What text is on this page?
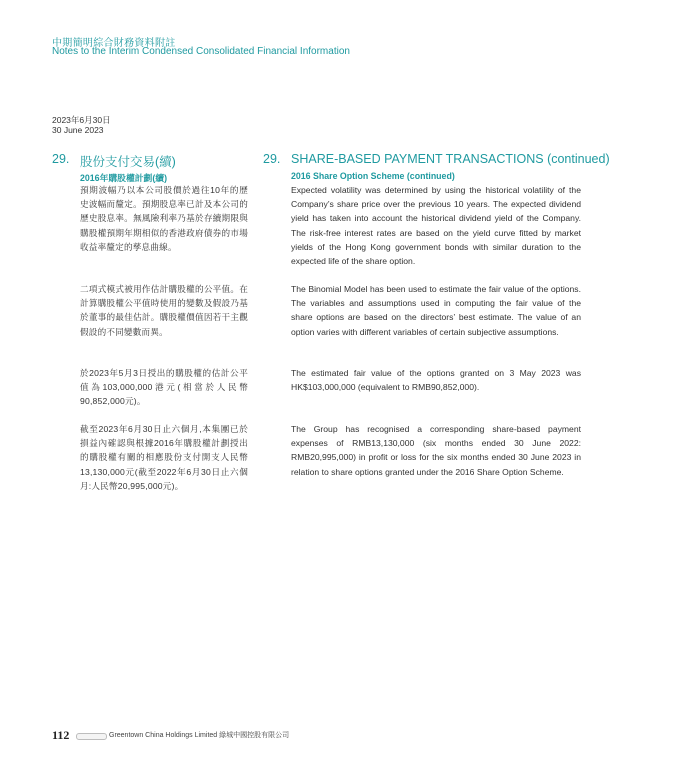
中期簡明綜合財務資料附註
Notes to the Interim Condensed Consolidated Financial Information
2023年6月30日
30 June 2023
29. 股份支付交易(續)
2016年購股權計劃(續)
29. SHARE-BASED PAYMENT TRANSACTIONS (continued)
2016 Share Option Scheme (continued)

預期波幅乃以本公司股價於過往10年的歷史波幅而釐定。預期股息率已計及本公司的歷史股息率。無風險利率乃基於存續期限與購股權預期年期相似的香港政府債券的市場收益率釐定的孳息曲線。

二項式模式被用作估計購股權的公平值。在計算購股權公平值時使用的變數及假設乃基於董事的最佳估計。購股權價值因若干主觀假設的不同變數而異。

於2023年5月3日授出的購股權的估計公平值為103,000,000港元(相當於人民幣90,852,000元)。

截至2023年6月30日止六個月,本集團已於損益內確認與根據2016年購股權計劃授出的購股權有關的相應股份支付開支人民幣13,130,000元(截至2022年6月30日止六個月:人民幣20,995,000元)。

Expected volatility was determined by using the historical volatility of the Company’s share price over the previous 10 years. The expected dividend yield has taken into account the historical dividend yield of the Company. The risk-free interest rates are based on the yield curve fitted by market yields of the Hong Kong government bonds with similar duration to the expected life of the share option.

The Binomial Model has been used to estimate the fair value of the options. The variables and assumptions used in computing the fair value of the share options are based on the directors’ best estimate. The value of an option varies with different variables of certain subjective assumptions.

The estimated fair value of the options granted on 3 May 2023 was HK$103,000,000 (equivalent to RMB90,852,000).

The Group has recognised a corresponding share-based payment expenses of RMB13,130,000 (six months ended 30 June 2022: RMB20,995,000) in profit or loss for the six months ended 30 June 2023 in relation to share options granted under the 2016 Share Option Scheme.

112	Greentown China Holdings Limited 綠城中國控股有限公司
